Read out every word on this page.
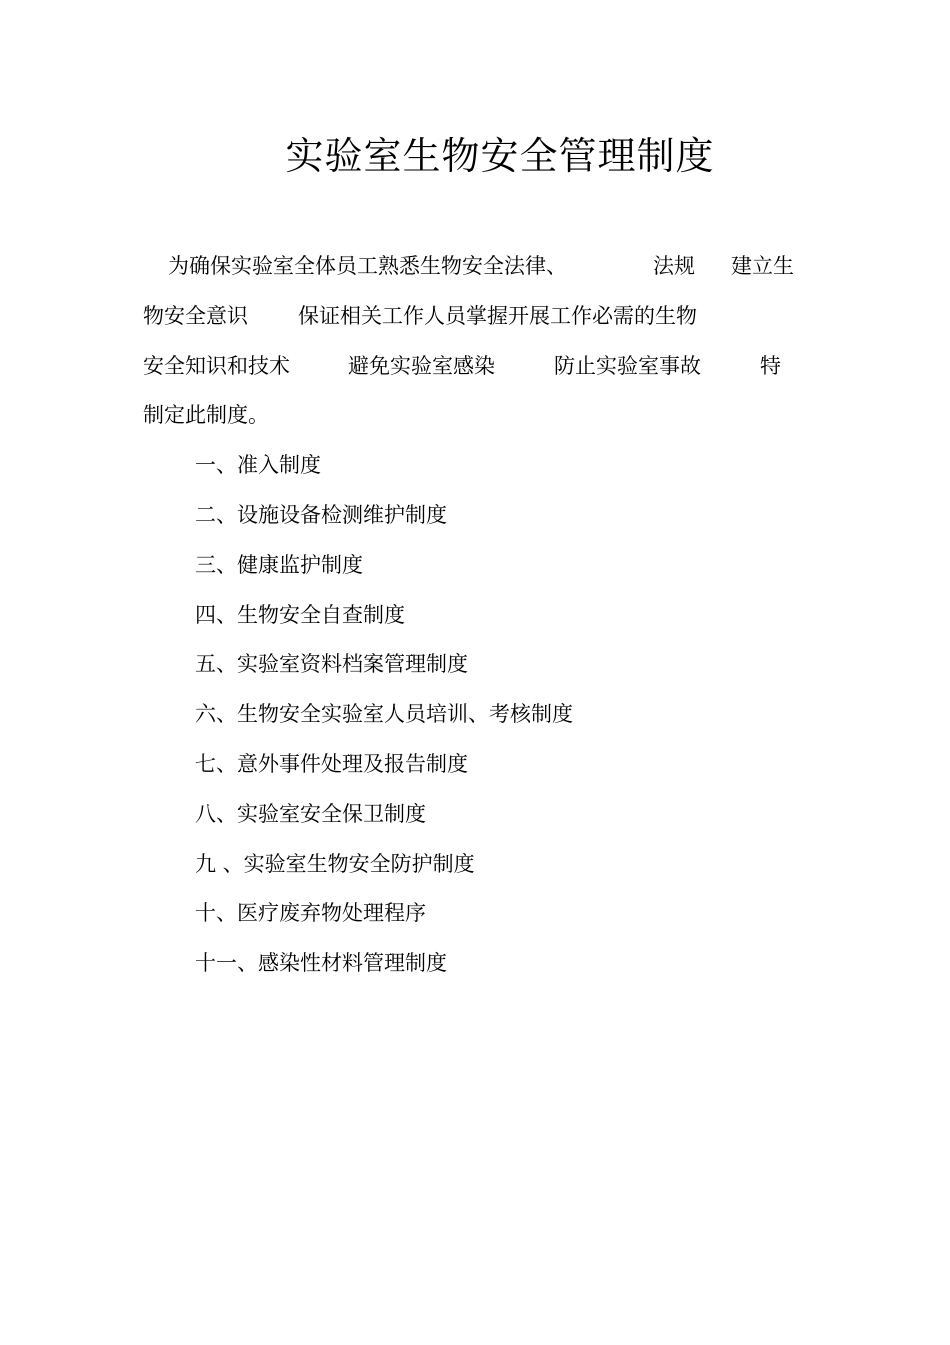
实验室生物安全管理制度
为确保实验室全体员工熟悉生物安全法律、	法规 建立生
物安全意识 保证相关工作人员掌握开展工作必需的生物
安全知识和技术	避免实验室感染	防止实验室事故	特
制定此制度。
一、准入制度
二、设施设备检测维护制度
三、健康监护制度
四、生物安全自查制度
五、实验室资料档案管理制度
六、生物安全实验室人员培训、考核制度
七、意外事件处理及报告制度
八、实验室安全保卫制度
九 、实验室生物安全防护制度
十、医疗废弃物处理程序
十一、感染性材料管理制度
